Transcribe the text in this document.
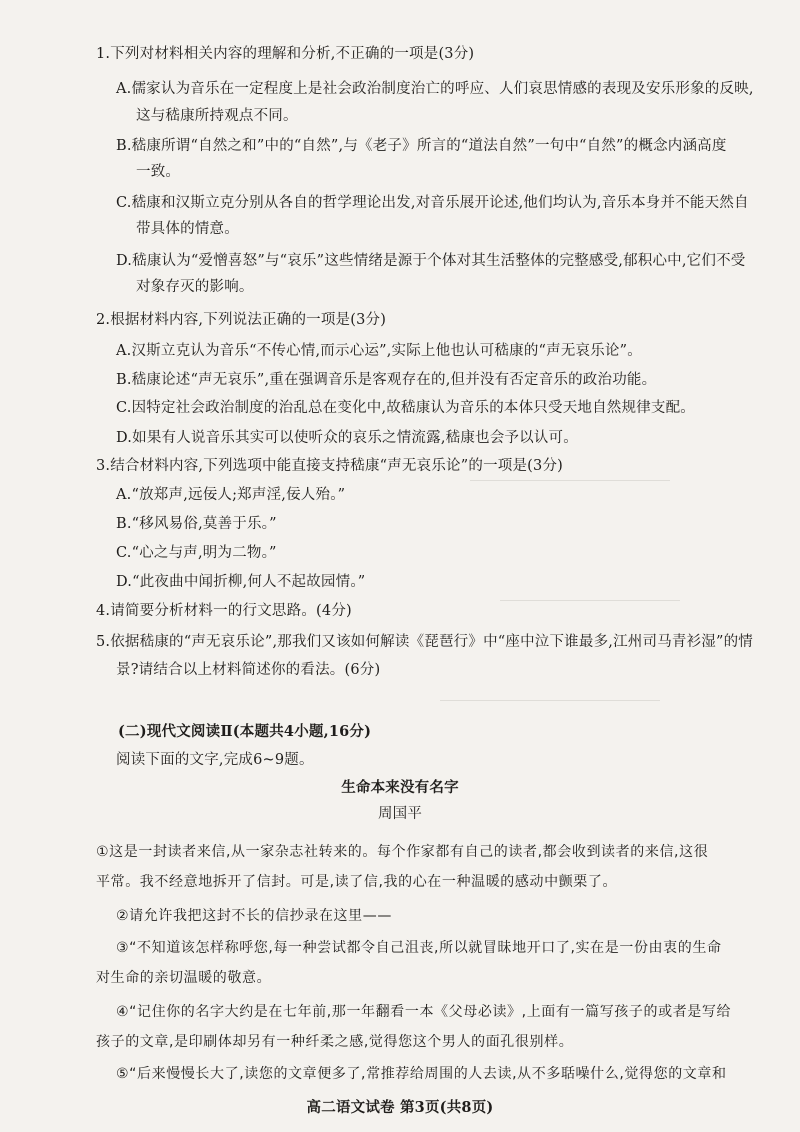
1.下列对材料相关内容的理解和分析,不正确的一项是(3分)
A.儒家认为音乐在一定程度上是社会政治制度治亡的呼应、人们哀思情感的表现及安乐形象的反映,
这与嵇康所持观点不同。
B.嵇康所谓“自然之和”中的“自然”,与《老子》所言的“道法自然”一句中“自然”的概念内涵高度
一致。
C.嵇康和汉斯立克分别从各自的哲学理论出发,对音乐展开论述,他们均认为,音乐本身并不能天然自
带具体的情意。
D.嵇康认为“爱憎喜怒”与“哀乐”这些情绪是源于个体对其生活整体的完整感受,郁积心中,它们不受
对象存灭的影响。
2.根据材料内容,下列说法正确的一项是(3分)
A.汉斯立克认为音乐“不传心情,而示心运”,实际上他也认可嵇康的“声无哀乐论”。
B.嵇康论述“声无哀乐”,重在强调音乐是客观存在的,但并没有否定音乐的政治功能。
C.因特定社会政治制度的治乱总在变化中,故嵇康认为音乐的本体只受天地自然规律支配。
D.如果有人说音乐其实可以使听众的哀乐之情流露,嵇康也会予以认可。
3.结合材料内容,下列选项中能直接支持嵇康“声无哀乐论”的一项是(3分)
A.“放郑声,远佞人;郑声淫,佞人殆。”
B.“移风易俗,莫善于乐。”
C.“心之与声,明为二物。”
D.“此夜曲中闻折柳,何人不起故园情。”
4.请简要分析材料一的行文思路。(4分)
5.依据嵇康的“声无哀乐论”,那我们又该如何解读《琵琶行》中“座中泣下谁最多,江州司马青衫湿”的情
景?请结合以上材料简述你的看法。(6分)
(二)现代文阅读Ⅱ(本题共4小题,16分)
阅读下面的文字,完成6~9题。
生命本来没有名字
周国平
①这是一封读者来信,从一家杂志社转来的。每个作家都有自己的读者,都会收到读者的来信,这很
平常。我不经意地拆开了信封。可是,读了信,我的心在一种温暖的感动中颤栗了。
②请允许我把这封不长的信抄录在这里——
③“不知道该怎样称呼您,每一种尝试都令自己沮丧,所以就冒昧地开口了,实在是一份由衷的生命
对生命的亲切温暖的敬意。
④“记住你的名字大约是在七年前,那一年翻看一本《父母必读》,上面有一篇写孩子的或者是写给
孩子的文章,是印刷体却另有一种纤柔之感,觉得您这个男人的面孔很别样。
⑤“后来慢慢长大了,读您的文章便多了,常推荐给周围的人去读,从不多聒噪什么,觉得您的文章和
高二语文试卷 第3页(共8页)
